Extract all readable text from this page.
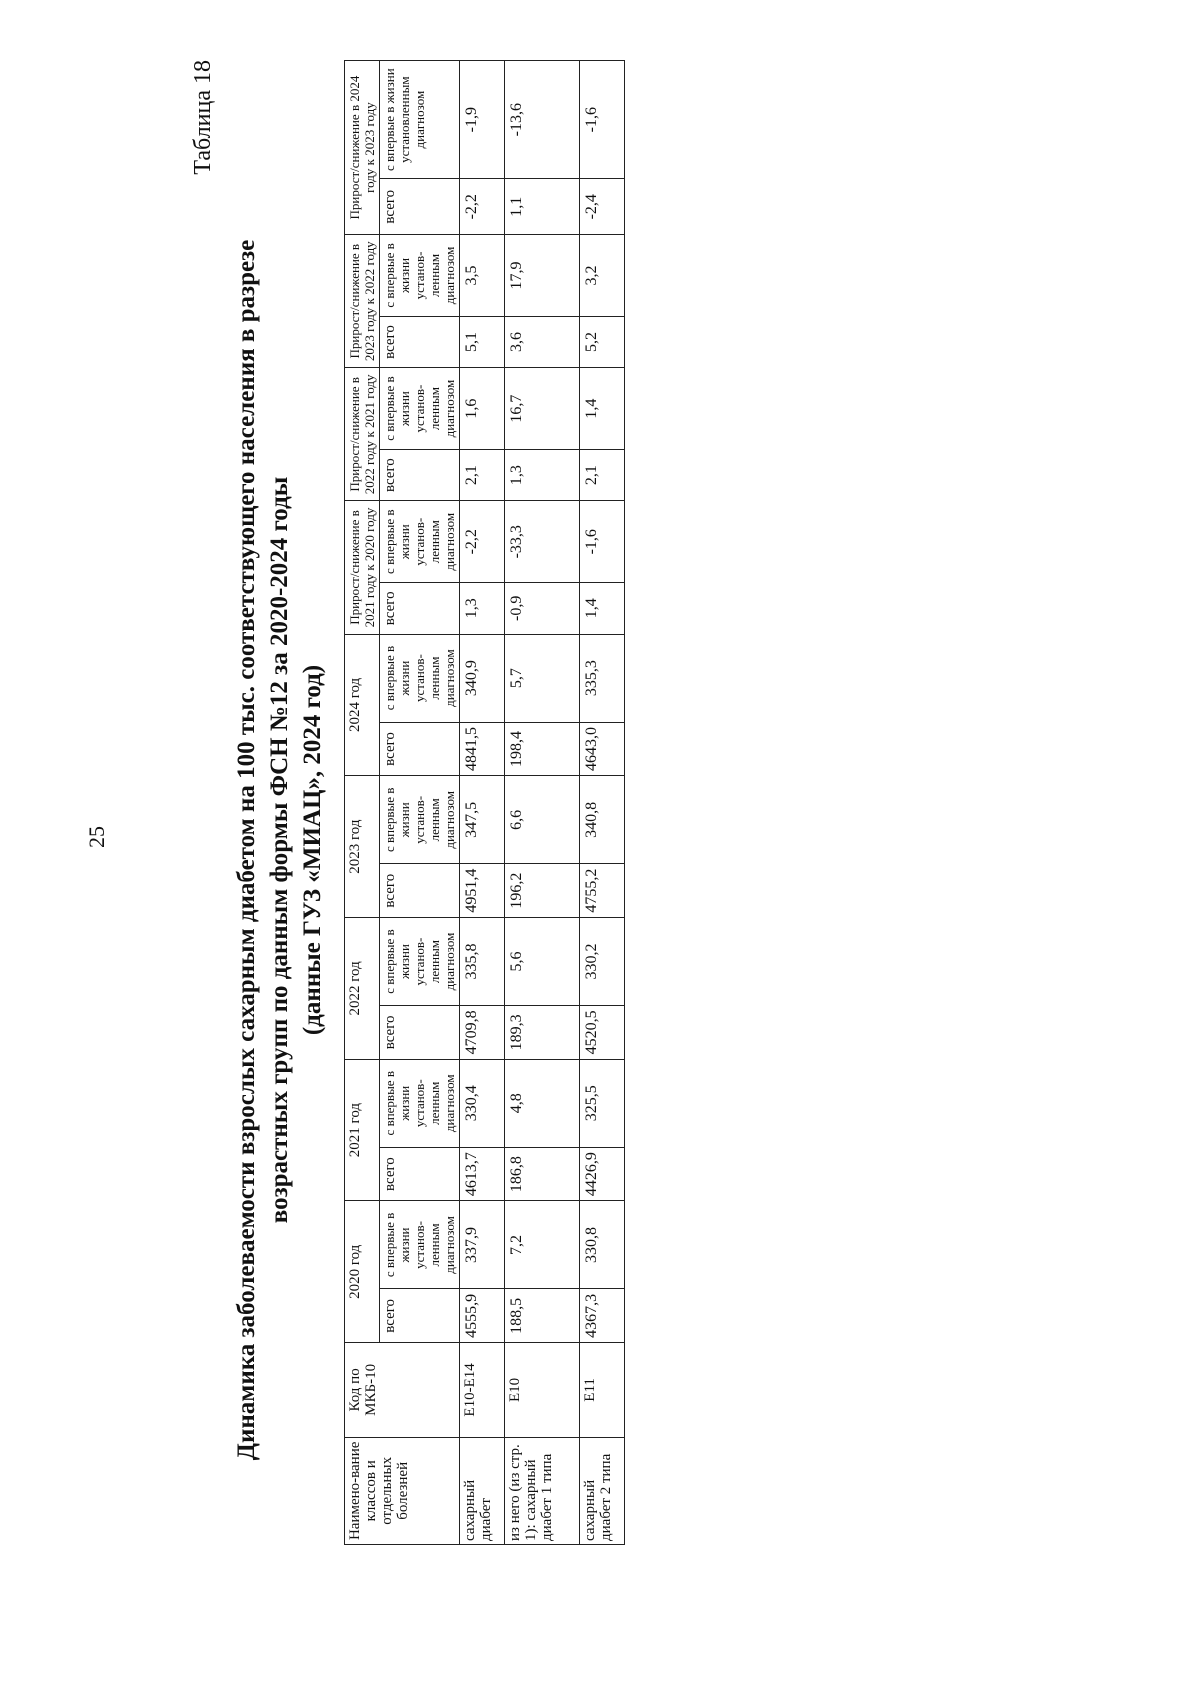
25
Таблица 18
Динамика заболеваемости взрослых сахарным диабетом на 100 тыс. соответствующего населения в разрезе возрастных групп по данным формы ФСН №12 за 2020-2024 годы (данные ГУЗ «МИАЦ», 2024 год)
Наимено-вание классов и отдельных болезней	Код по МКБ-10	2020 год		2021 год		2022 год		2023 год		2024 год		Прирост/снижение в 2021 году к 2020 году		Прирост/снижение в 2022 году к 2021 году		Прирост/снижение в 2023 году к 2022 году		Прирост/снижение в 2024 году к 2023 году	
		всего	с впервые в жизни установ-ленным диагнозом	всего	с впервые в жизни установ-ленным диагнозом	всего	с впервые в жизни установ-ленным диагнозом	всего	с впервые в жизни установ-ленным диагнозом	всего	с впервые в жизни установ-ленным диагнозом	всего	с впервые в жизни установ-ленным диагнозом	всего	с впервые в жизни установ-ленным диагнозом	всего	с впервые в жизни установ-ленным диагнозом	всего	с впервые в жизни установленным диагнозом
сахарный диабет	E10-E14	4555,9	337,9	4613,7	330,4	4709,8	335,8	4951,4	347,5	4841,5	340,9	1,3	-2,2	2,1	1,6	5,1	3,5	-2,2	-1,9
из него (из стр. 1): сахарный диабет 1 типа	E10	188,5	7,2	186,8	4,8	189,3	5,6	196,2	6,6	198,4	5,7	-0,9	-33,3	1,3	16,7	3,6	17,9	1,1	-13,6
сахарный диабет 2 типа	E11	4367,3	330,8	4426,9	325,5	4520,5	330,2	4755,2	340,8	4643,0	335,3	1,4	-1,6	2,1	1,4	5,2	3,2	-2,4	-1,6
